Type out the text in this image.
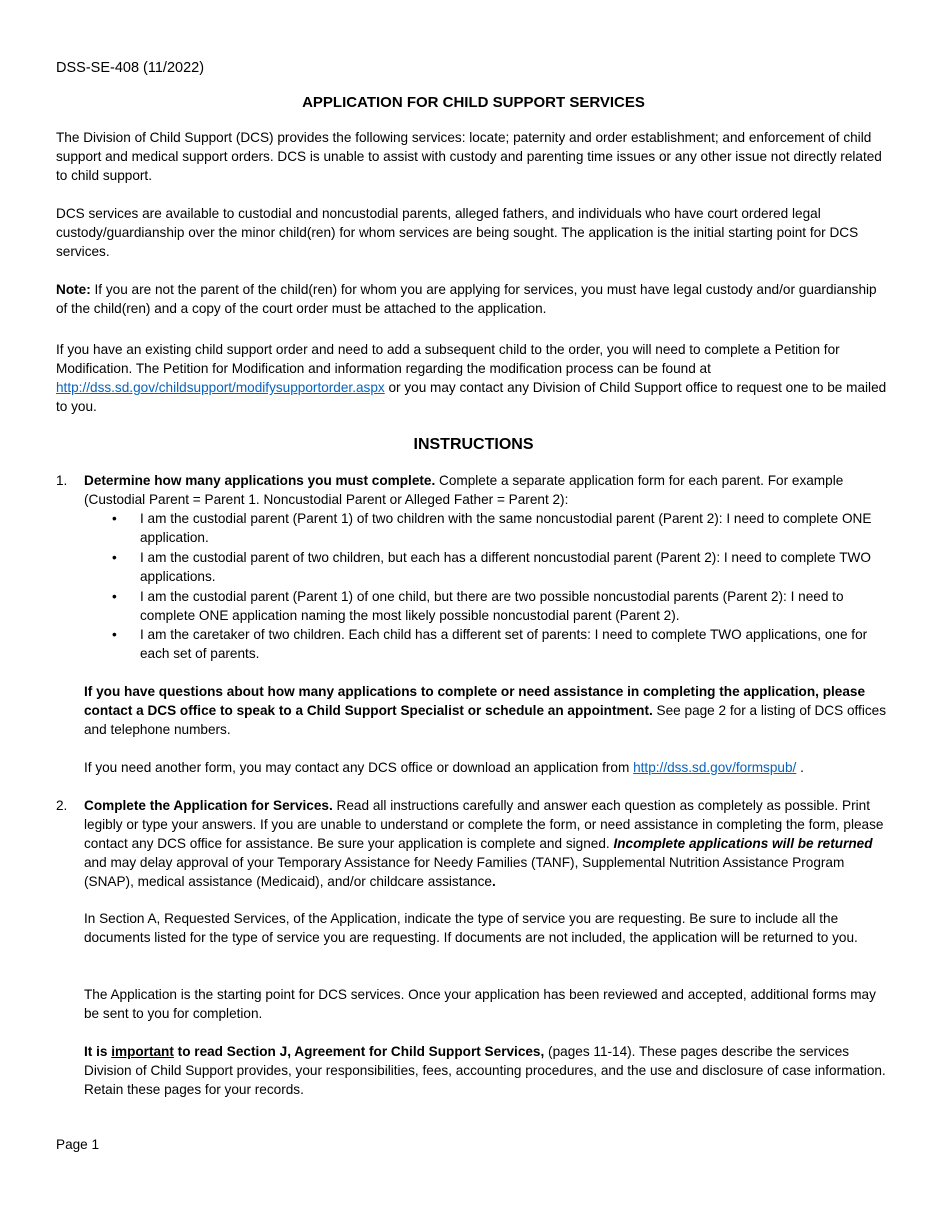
DSS-SE-408 (11/2022)
APPLICATION FOR CHILD SUPPORT SERVICES

The Division of Child Support (DCS) provides the following services: locate; paternity and order establishment; and enforcement of child support and medical support orders. DCS is unable to assist with custody and parenting time issues or any other issue not directly related to child support.

DCS services are available to custodial and noncustodial parents, alleged fathers, and individuals who have court ordered legal custody/guardianship over the minor child(ren) for whom services are being sought. The application is the initial starting point for DCS services.

Note: If you are not the parent of the child(ren) for whom you are applying for services, you must have legal custody and/or guardianship of the child(ren) and a copy of the court order must be attached to the application.

If you have an existing child support order and need to add a subsequent child to the order, you will need to complete a Petition for Modification. The Petition for Modification and information regarding the modification process can be found at http://dss.sd.gov/childsupport/modifysupportorder.aspx or you may contact any Division of Child Support office to request one to be mailed to you.

INSTRUCTIONS
1. Determine how many applications you must complete. Complete a separate application form for each parent. For example (Custodial Parent = Parent 1. Noncustodial Parent or Alleged Father = Parent 2):

• I am the custodial parent (Parent 1) of two children with the same noncustodial parent (Parent 2): I need to complete ONE application.

• I am the custodial parent of two children, but each has a different noncustodial parent (Parent 2): I need to complete TWO applications.

• I am the custodial parent (Parent 1) of one child, but there are two possible noncustodial parents (Parent 2): I need to complete ONE application naming the most likely possible noncustodial parent (Parent 2).

• I am the caretaker of two children. Each child has a different set of parents: I need to complete TWO applications, one for each set of parents.

If you have questions about how many applications to complete or need assistance in completing the application, please contact a DCS office to speak to a Child Support Specialist or schedule an appointment. See page 2 for a listing of DCS offices and telephone numbers.

If you need another form, you may contact any DCS office or download an application from http://dss.sd.gov/formspub/ .

2. Complete the Application for Services. Read all instructions carefully and answer each question as completely as possible. Print legibly or type your answers. If you are unable to understand or complete the form, or need assistance in completing the form, please contact any DCS office for assistance. Be sure your application is complete and signed. Incomplete applications will be returned and may delay approval of your Temporary Assistance for Needy Families (TANF), Supplemental Nutrition Assistance Program (SNAP), medical assistance (Medicaid), and/or childcare assistance.

In Section A, Requested Services, of the Application, indicate the type of service you are requesting. Be sure to include all the documents listed for the type of service you are requesting. If documents are not included, the application will be returned to you.

The Application is the starting point for DCS services. Once your application has been reviewed and accepted, additional forms may be sent to you for completion.

It is important to read Section J, Agreement for Child Support Services, (pages 11-14). These pages describe the services Division of Child Support provides, your responsibilities, fees, accounting procedures, and the use and disclosure of case information. Retain these pages for your records.

Page 1
